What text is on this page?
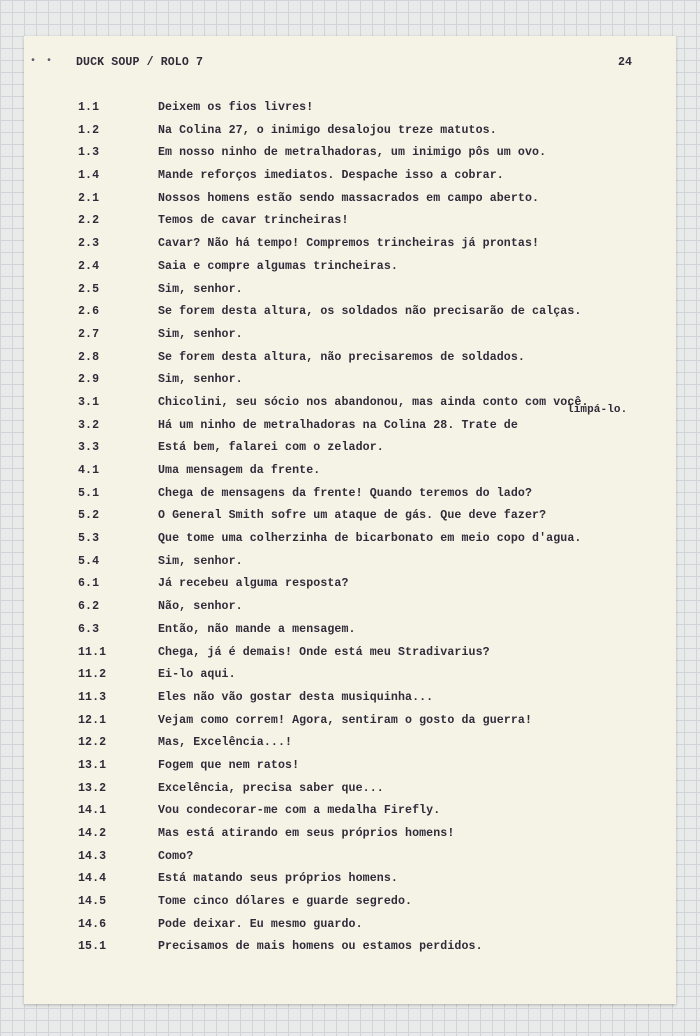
• • DUCK SOUP / ROLO 7	24
1.1	Deixem os fios livres!
1.2	Na Colina 27, o inimigo desalojou treze matutos.
1.3	Em nosso ninho de metralhadoras, um inimigo pôs um ovo.
1.4	Mande reforços imediatos. Despache isso a cobrar.
2.1	Nossos homens estão sendo massacrados em campo aberto.
2.2	Temos de cavar trincheiras!
2.3	Cavar? Não há tempo! Compremos trincheiras já prontas!
2.4	Saia e compre algumas trincheiras.
2.5	Sim, senhor.
2.6	Se forem desta altura, os soldados não precisarão de calças.
2.7	Sim, senhor.
2.8	Se forem desta altura, não precisaremos de soldados.
2.9	Sim, senhor.
3.1	Chicolini, seu sócio nos abandonou, mas ainda conto com você.
3.2	Há um ninho de metralhadoras na Colina 28. Trate de
3.3	Está bem, falarei com o zelador.
4.1	Uma mensagem da frente.
5.1	Chega de mensagens da frente! Quando teremos do lado?
5.2	O General Smith sofre um ataque de gás. Que deve fazer?
5.3	Que tome uma colherzinha de bicarbonato em meio copo d'agua.
5.4	Sim, senhor.
6.1	Já recebeu alguma resposta?
6.2	Não, senhor.
6.3	Então, não mande a mensagem.
11.1	Chega, já é demais! Onde está meu Stradivarius?
11.2	Ei-lo aqui.
11.3	Eles não vão gostar desta musiquinha...
12.1	Vejam como correm! Agora, sentiram o gosto da guerra!
12.2	Mas, Excelência...!
13.1	Fogem que nem ratos!
13.2	Excelência, precisa saber que...
14.1	Vou condecorar-me com a medalha Firefly.
14.2	Mas está atirando em seus próprios homens!
14.3	Como?
14.4	Está matando seus próprios homens.
14.5	Tome cinco dólares e guarde segredo.
14.6	Pode deixar. Eu mesmo guardo.
15.1	Precisamos de mais homens ou estamos perdidos.
limpá-lo.
